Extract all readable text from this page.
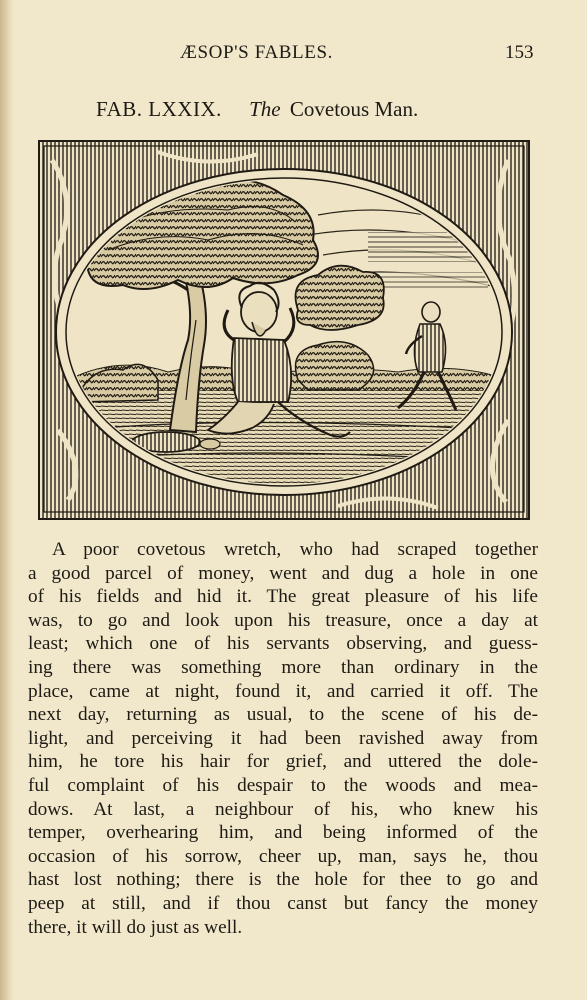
ÆSOP'S FABLES.	153
FAB. LXXIX. The Covetous Man.
A poor covetous wretch, who had scraped together
a good parcel of money, went and dug a hole in one
of his fields and hid it. The great pleasure of his life
was, to go and look upon his treasure, once a day at
least; which one of his servants observing, and guess-
ing there was something more than ordinary in the
place, came at night, found it, and carried it off. The
next day, returning as usual, to the scene of his de-
light, and perceiving it had been ravished away from
him, he tore his hair for grief, and uttered the dole-
ful complaint of his despair to the woods and mea-
dows. At last, a neighbour of his, who knew his
temper, overhearing him, and being informed of the
occasion of his sorrow, cheer up, man, says he, thou
hast lost nothing; there is the hole for thee to go and
peep at still, and if thou canst but fancy the money
there, it will do just as well.
